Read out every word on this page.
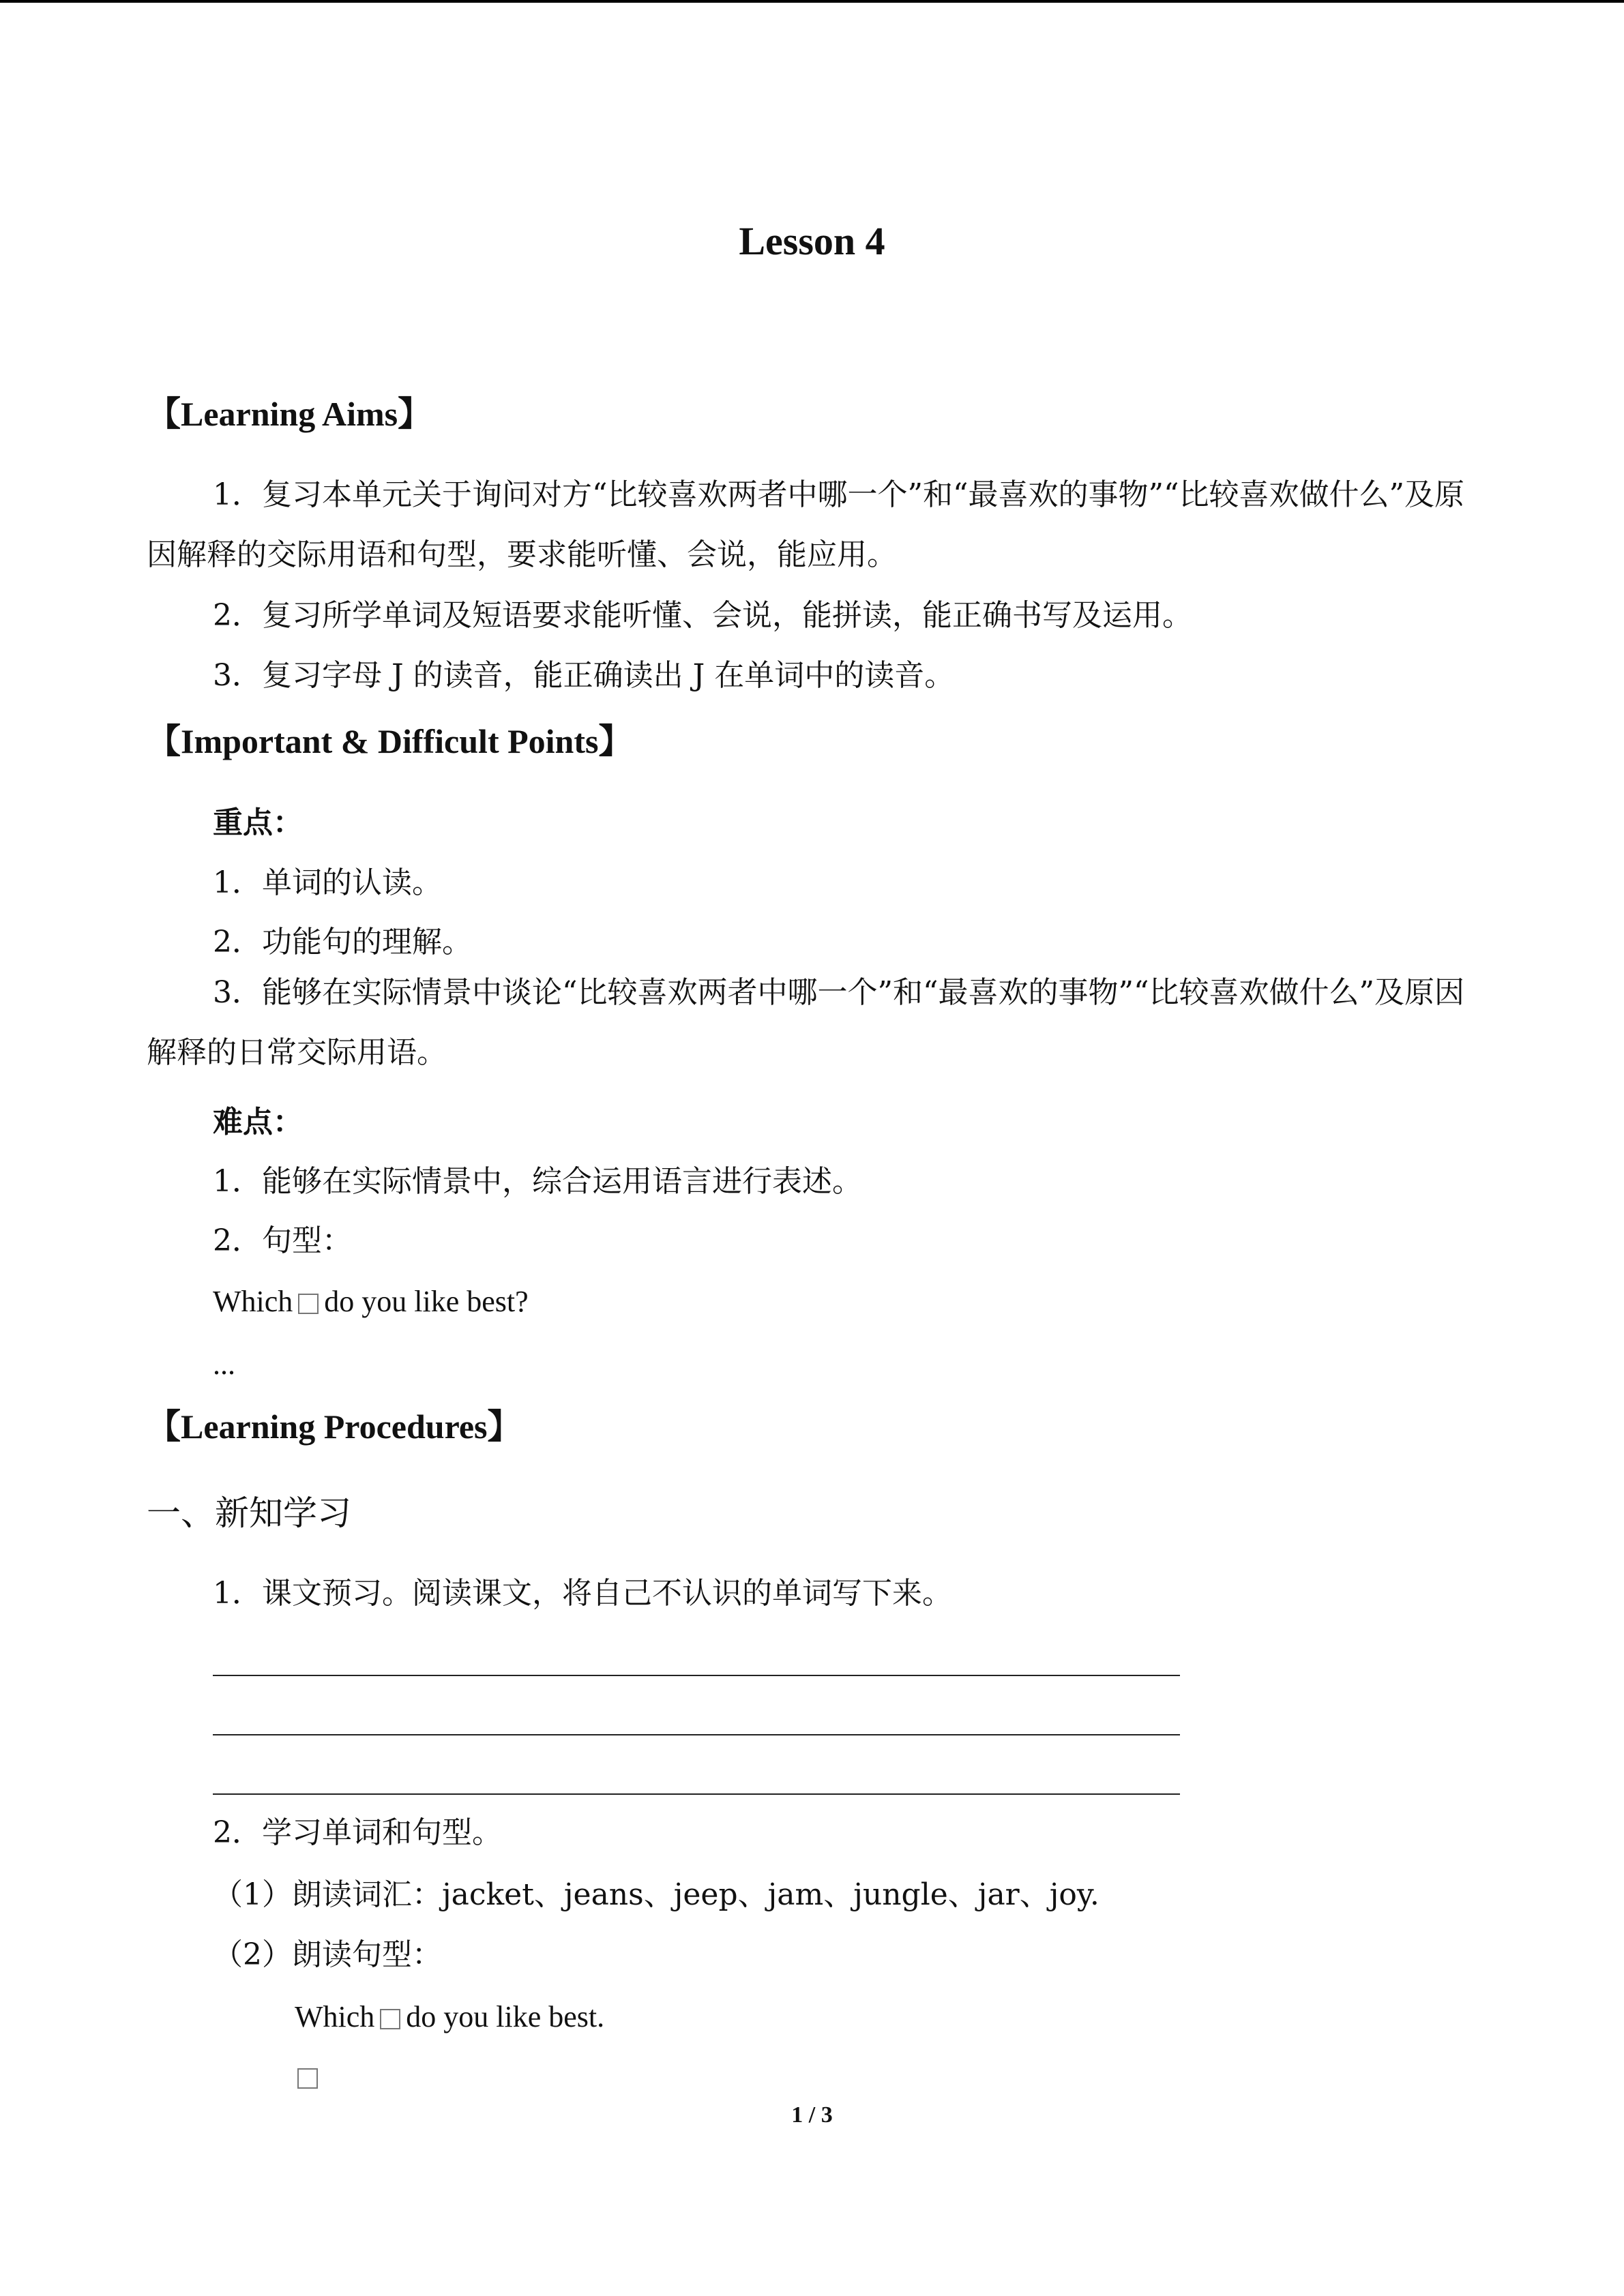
Lesson 4
【Learning Aims】
1．复习本单元关于询问对方“比较喜欢两者中哪一个”和“最喜欢的事物”“比较喜欢做什么”及原因解释的交际用语和句型，要求能听懂、会说，能应用。
2．复习所学单词及短语要求能听懂、会说，能拼读，能正确书写及运用。
3．复习字母 J 的读音，能正确读出 J 在单词中的读音。
【Important & Difficult Points】
重点：
1．单词的认读。
2．功能句的理解。
3．能够在实际情景中谈论“比较喜欢两者中哪一个”和“最喜欢的事物”“比较喜欢做什么”及原因解释的日常交际用语。
难点：
1．能够在实际情景中，综合运用语言进行表述。
2．句型：
Which do you like best?
...
【Learning Procedures】
一、新知学习
1．课文预习。阅读课文，将自己不认识的单词写下来。
2．学习单词和句型。
（1）朗读词汇：jacket、jeans、jeep、jam、jungle、jar、joy.
（2）朗读句型：
Which do you like best.
1 / 3
